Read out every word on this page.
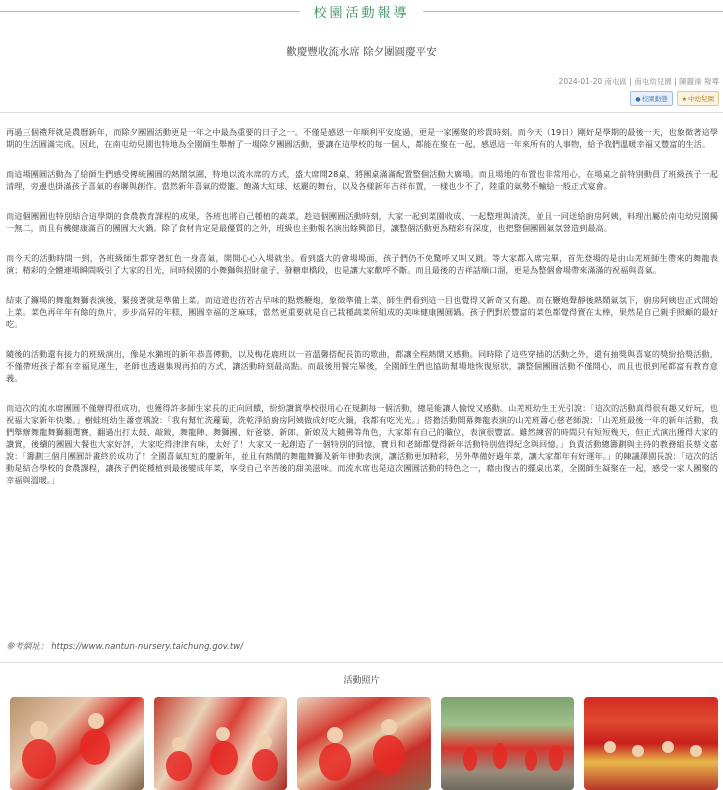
校園活動報導
歡慶豐收流水席 除夕團圓慶平安
2024-01-20 南屯區 | 南屯幼兒園 | 陳麗溱 報導
●校園動態	★中幼兒園

再過三個禮拜就是農曆新年，而除夕團圓活動更是一年之中最為重要的日子之一。不僅是感恩一年順利平安度過，更是一家團聚的珍貴時刻。而今天（19日）剛好是學期的最後一天，也象徵著這學期的生活圓滿完成。因此，在南屯幼兒園也特地為全園師生舉辦了一場除夕團圓活動，要讓在這學校的每一個人，都能在聚在一起，感恩這一年來所有的人事物，給予我們溫暖幸福又豐富的生活。

而這場團圓活動為了給師生們感受傳統團圓的熱鬧氛圍，特地以流水席的方式，盛大席開28桌，將團桌滿滿配置整個活動大廣場。而且場地的布置也非常用心，在場桌之前特別動員了班級孩子一起清理，旁邊也掛滿孩子喜氣的春聯與創作。當然新年喜氣的燈籠、飽滿大紅球、炫麗的舞台，以及各樣新年吉祥布置，一樣也少不了，陸重的氣勢不輸給一般正式宴會。

而這個團圓也特別結合這學期的食農教育課程的成果，各班也將自己種植的蔬菜，趁這個團圓活動時刻，大家一起到菜園收成、一起整理與清洗，並且一同送給廚房阿姨，料理出屬於南屯幼兒園獨一無二，而且有機健康滿百的團圓大火鍋。除了食材肯定是最優質的之外，班級也主動報名演出餘興節目，讓整個活動更為精彩有深度，也把整個團圓氣氛營造到最高。

而今天的活動時間一到，各班級師生都穿著紅色一身喜氣，開開心心入場就坐。看到盛大的會場場面，孩子們仍不免驚呼又叫又跳。等大家都入席完畢，首先登場的是由山羌班師生帶來的舞龍表演；精彩的全體連場瞬間吸引了大家的目光，同時候園的小舞獅與招財童子、發糖車橋段，也是讓大家歡呼不斷。而且最後的吉祥話順口溜，更是為整個會場帶來滿滿的祝福與喜氣。

結束了鑼場的舞龍舞獅表演後，緊接著就是準備上菜。而這道也彷若古早味的點燃鞭炮，象徵準備上菜，師生們看到這一目也覺得又新奇又有趣。而在鞭炮聲靜後熱鬧氣氛下，廚房阿姨也正式開始上菜。菜色再年年有餘的魚片，步步高昇的年糕，團圓幸福的芝麻球，當然更重要就是自己栽種蔬菜所組成的美味健康團圓鍋。孩子們對於豐富的菜色都覺得賣在太棒，果然是自己親手照顧的最好吃。

隨後的活動還有接力的班級演出，像是水獺班的新年恭喜傳動，以及梅花鹿班以一首溫馨搭配長笛的歌曲，都讓全程熱鬧又感動。同時除了這些穿插的活動之外，還有抽獎與喜宴的獎紛拾獎活動，不僅帶班孩子都有幸福見運生，老師也透過集現再拍的方式，讓活動時刻最高點。而最後用餐完畢後，全園師生們也協助幫場地恢復原狀，讓整個團圓活動不僅開心，而且也很到尾都富有教育意義。

而這次的流水席團圓不僅辦得很成功，也獲得許多師生家長的正向回饋，紛紛讚賞學校很用心在規劃每一個活動，總是能讓人愉悅又感動。山羌班幼生王光引說：「這次的活動真得很有趣又好玩，也祝福大家新年快樂。」樹蛙班幼生蕭壹瑀說：「我有幫忙洗蘿蔔，洗乾淨給廚房阿姨做成好吃火鍋，我都有吃光光。」搭擔活動開幕舞龍表演的山羌班蕭心慈老師說：「山羌班最後一年的新年活動，我們舉辦舞龍舞獅翻選賽，翻過出打太鼓、敲鈸，舞龍陣、舞獅團、好爸婆、新郎、新娘及大隨佛等角色，大家都有自己的職位，表演很豐富。雖然練習的時間只有短短幾天，但正式演出獲得大家的讚賞，後續的團圓大餐也大家好評，大家吃得津津有味，太好了！大家又一起創造了一個特別的回憶，寶貝和老師都覺得新年活動特別值得紀念與回憶。」負責活動總籌劃與主持的教務組長蔡文嘉說：「籌劃三個月團圓計畫終於成功了！全園喜氣紅紅的慶新年，並且有熱鬧的舞龍舞獅及新年律動表演，讓活動更加精彩，另外準備好過年菜，讓大家都年有好運年。」的陳議澤園長說：「這次的活動是結合學校的食農課程，讓孩子們從種植到最後變成年菜，享受自己辛苦後的甜美滋味。而流水席也是這次團圓活動的特色之一，藉由復古的擺桌出菜，全園師生凝聚在一起，感受一家人團聚的幸福與溫暖。」

參考網址： https://www.nantun-nursery.taichung.gov.tw/
活動照片
